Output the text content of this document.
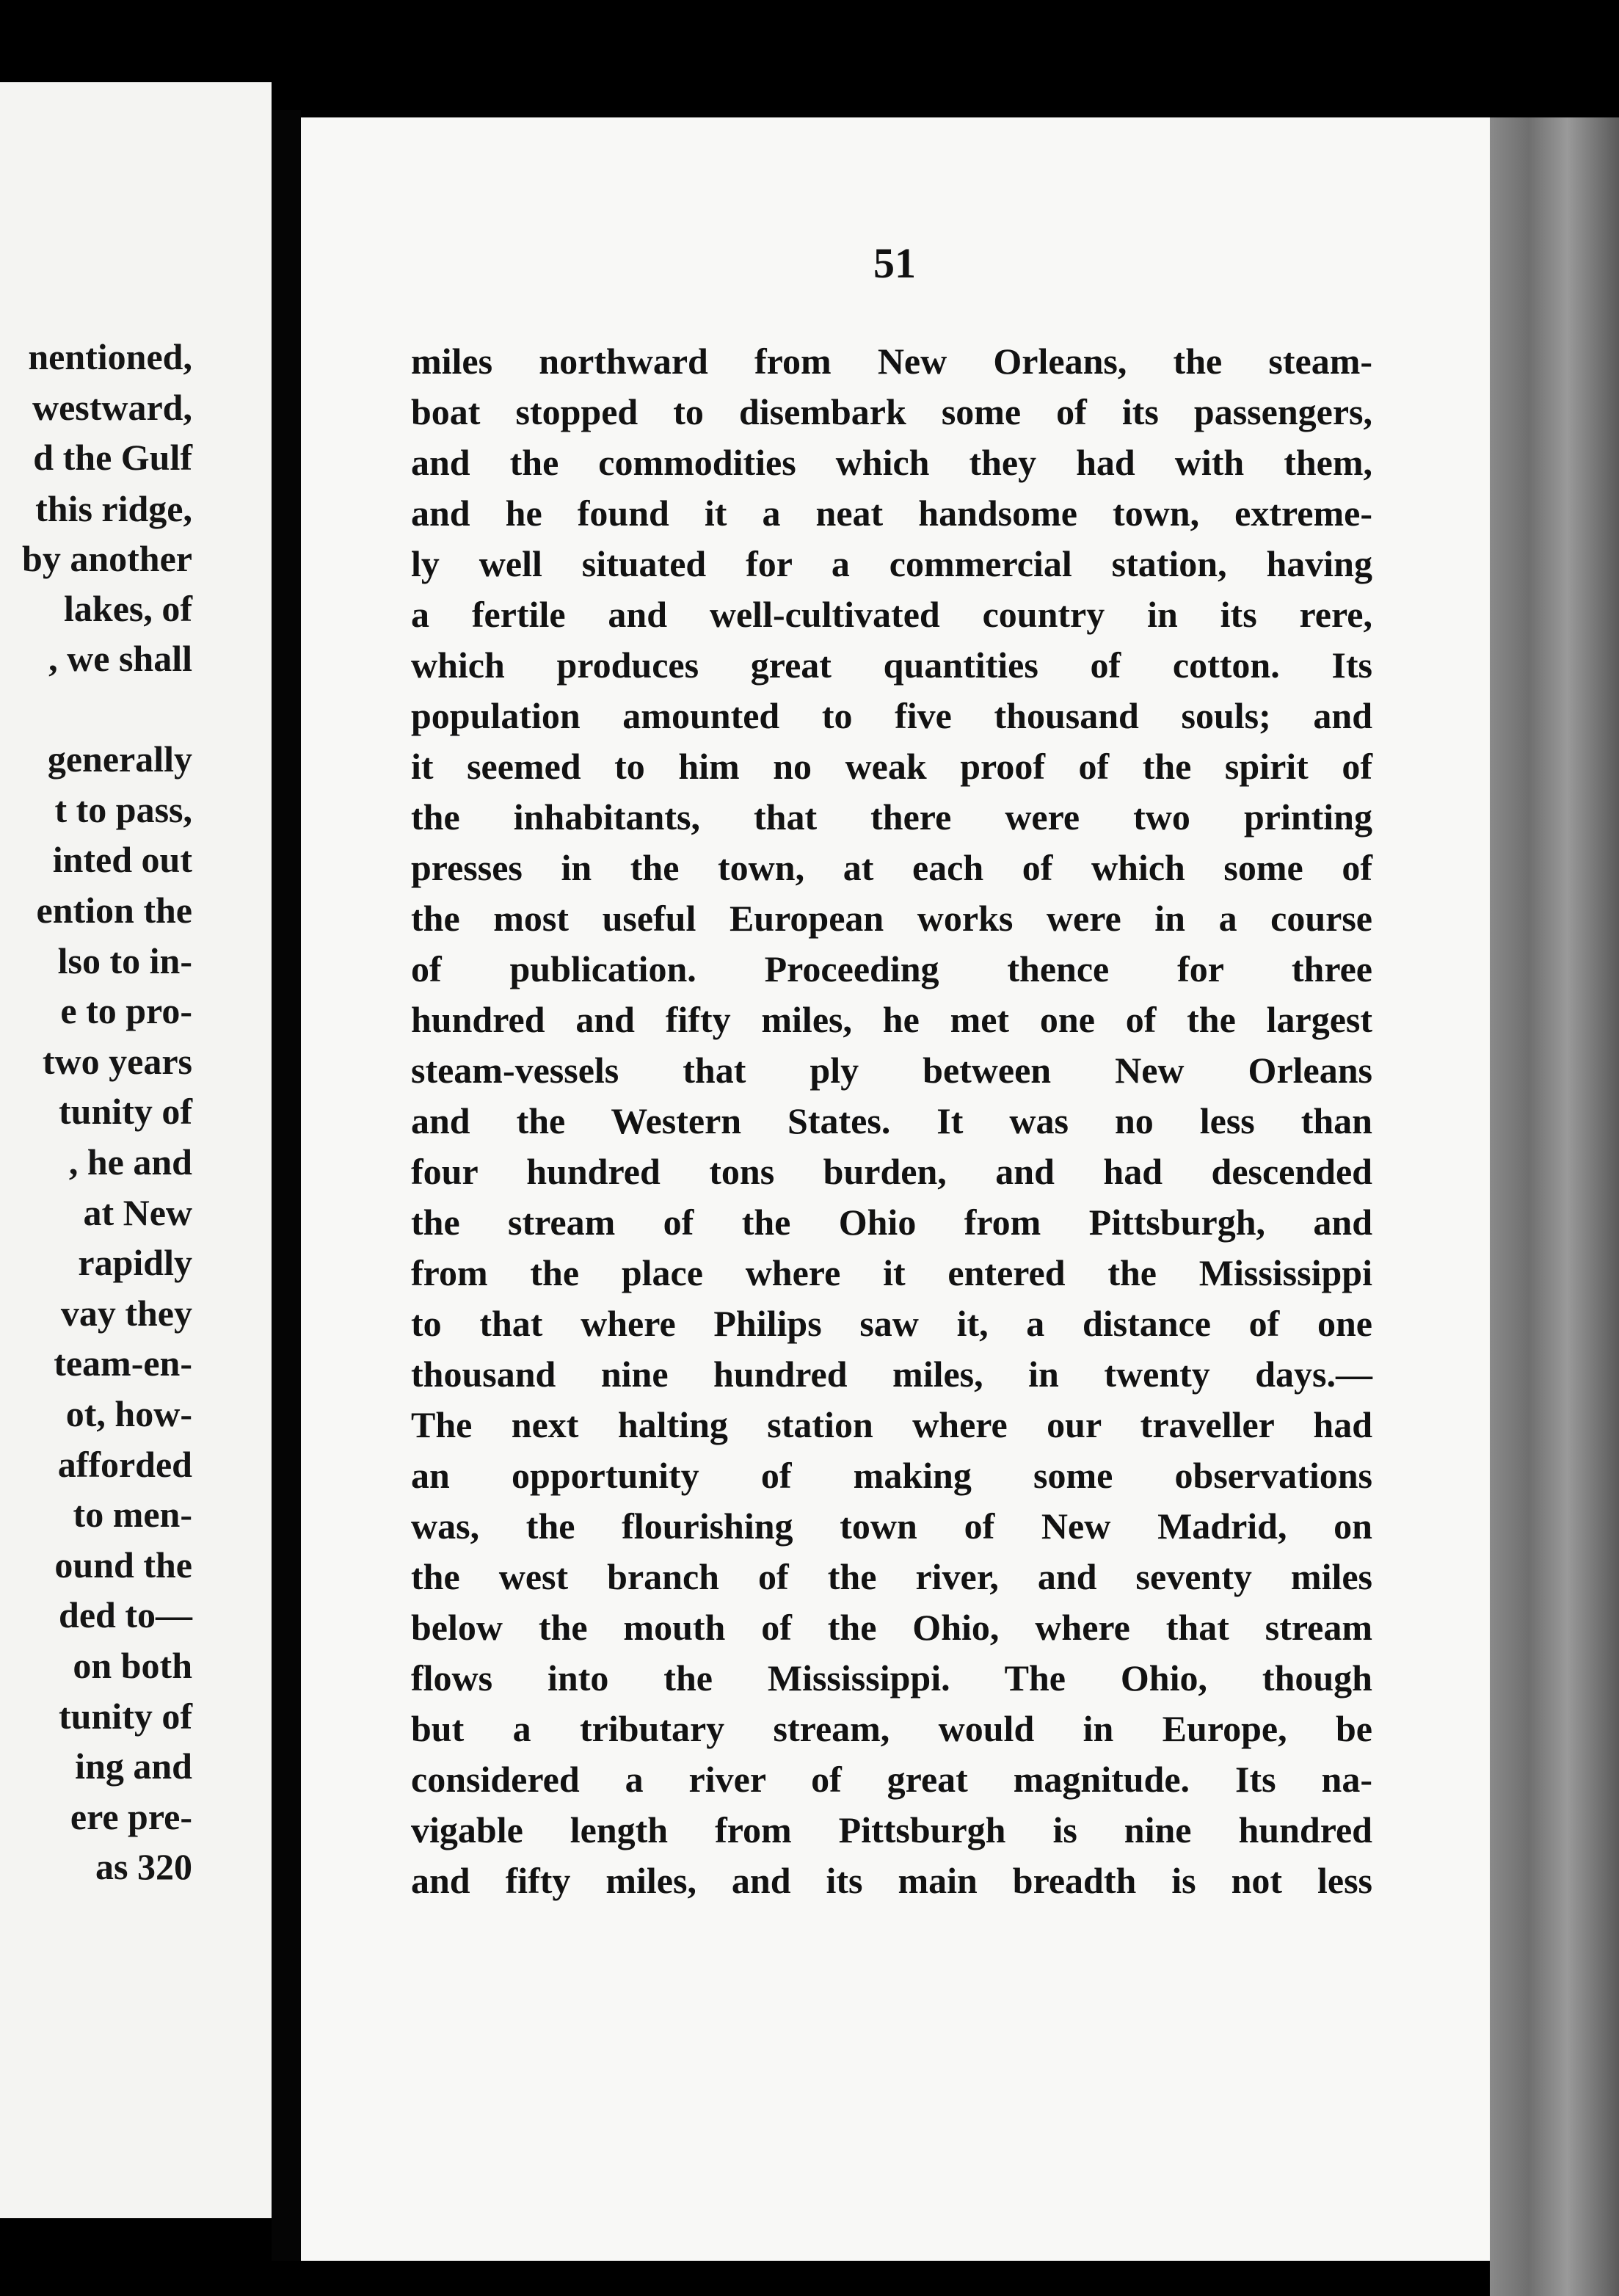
nentioned,
westward,
d the Gulf
this ridge,
by another
lakes, of
, we shall
generally
t to pass,
inted out
ention the
lso to in-
e to pro-
two years
tunity of
, he and
at New
rapidly
vay they
team-en-
ot, how-
afforded
to men-
ound the
ded to—
on both
tunity of
ing and
ere pre-
as 320
51
miles northward from New Orleans, the steam-
boat stopped to disembark some of its passengers,
and the commodities which they had with them,
and he found it a neat handsome town, extreme-
ly well situated for a commercial station, having
a fertile and well-cultivated country in its rere,
which produces great quantities of cotton. Its
population amounted to five thousand souls; and
it seemed to him no weak proof of the spirit of
the inhabitants, that there were two printing
presses in the town, at each of which some of
the most useful European works were in a course
of publication. Proceeding thence for three
hundred and fifty miles, he met one of the largest
steam-vessels that ply between New Orleans
and the Western States. It was no less than
four hundred tons burden, and had descended
the stream of the Ohio from Pittsburgh, and
from the place where it entered the Mississippi
to that where Philips saw it, a distance of one
thousand nine hundred miles, in twenty days.—
The next halting station where our traveller had
an opportunity of making some observations
was, the flourishing town of New Madrid, on
the west branch of the river, and seventy miles
below the mouth of the Ohio, where that stream
flows into the Mississippi. The Ohio, though
but a tributary stream, would in Europe, be
considered a river of great magnitude. Its na-
vigable length from Pittsburgh is nine hundred
and fifty miles, and its main breadth is not less
